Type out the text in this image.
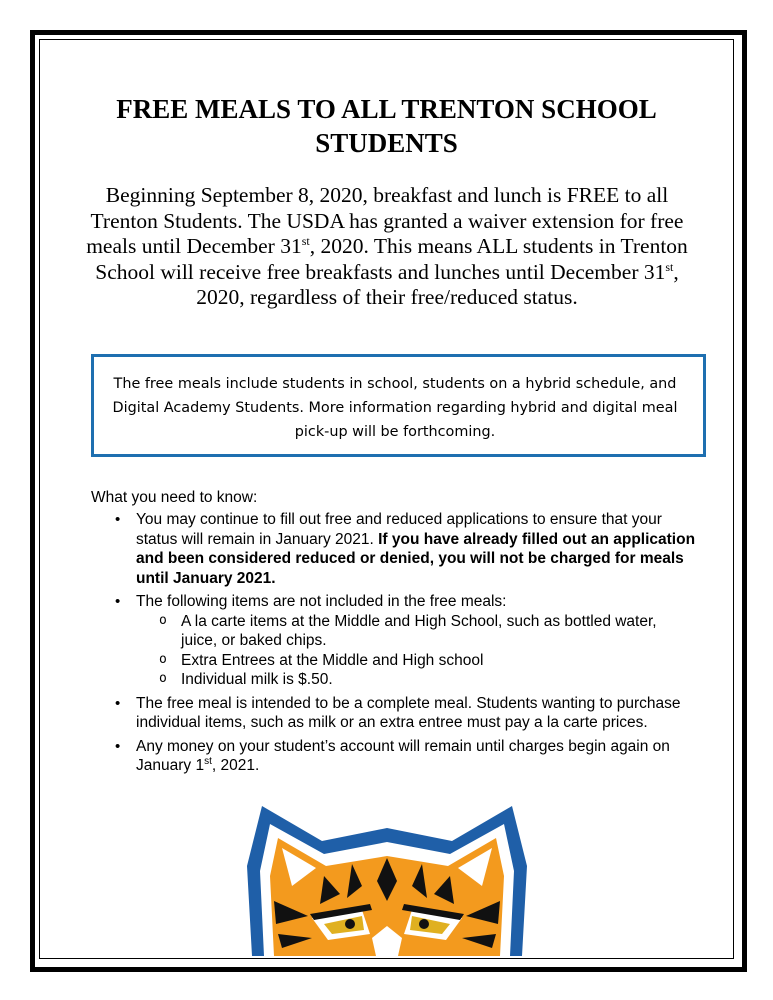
FREE MEALS TO ALL TRENTON SCHOOL STUDENTS

Beginning September 8, 2020, breakfast and lunch is FREE to all Trenton Students. The USDA has granted a waiver extension for free meals until December 31st, 2020. This means ALL students in Trenton School will receive free breakfasts and lunches until December 31st, 2020, regardless of their free/reduced status.

The free meals include students in school, students on a hybrid schedule, and Digital Academy Students. More information regarding hybrid and digital meal pick-up will be forthcoming.

What you need to know:

• You may continue to fill out free and reduced applications to ensure that your status will remain in January 2021. If you have already filled out an application and been considered reduced or denied, you will not be charged for meals until January 2021.
• The following items are not included in the free meals:
o A la carte items at the Middle and High School, such as bottled water, juice, or baked chips.
o Extra Entrees at the Middle and High school
o Individual milk is $.50.
• The free meal is intended to be a complete meal. Students wanting to purchase individual items, such as milk or an extra entree must pay a la carte prices.
• Any money on your student’s account will remain until charges begin again on January 1st, 2021.
